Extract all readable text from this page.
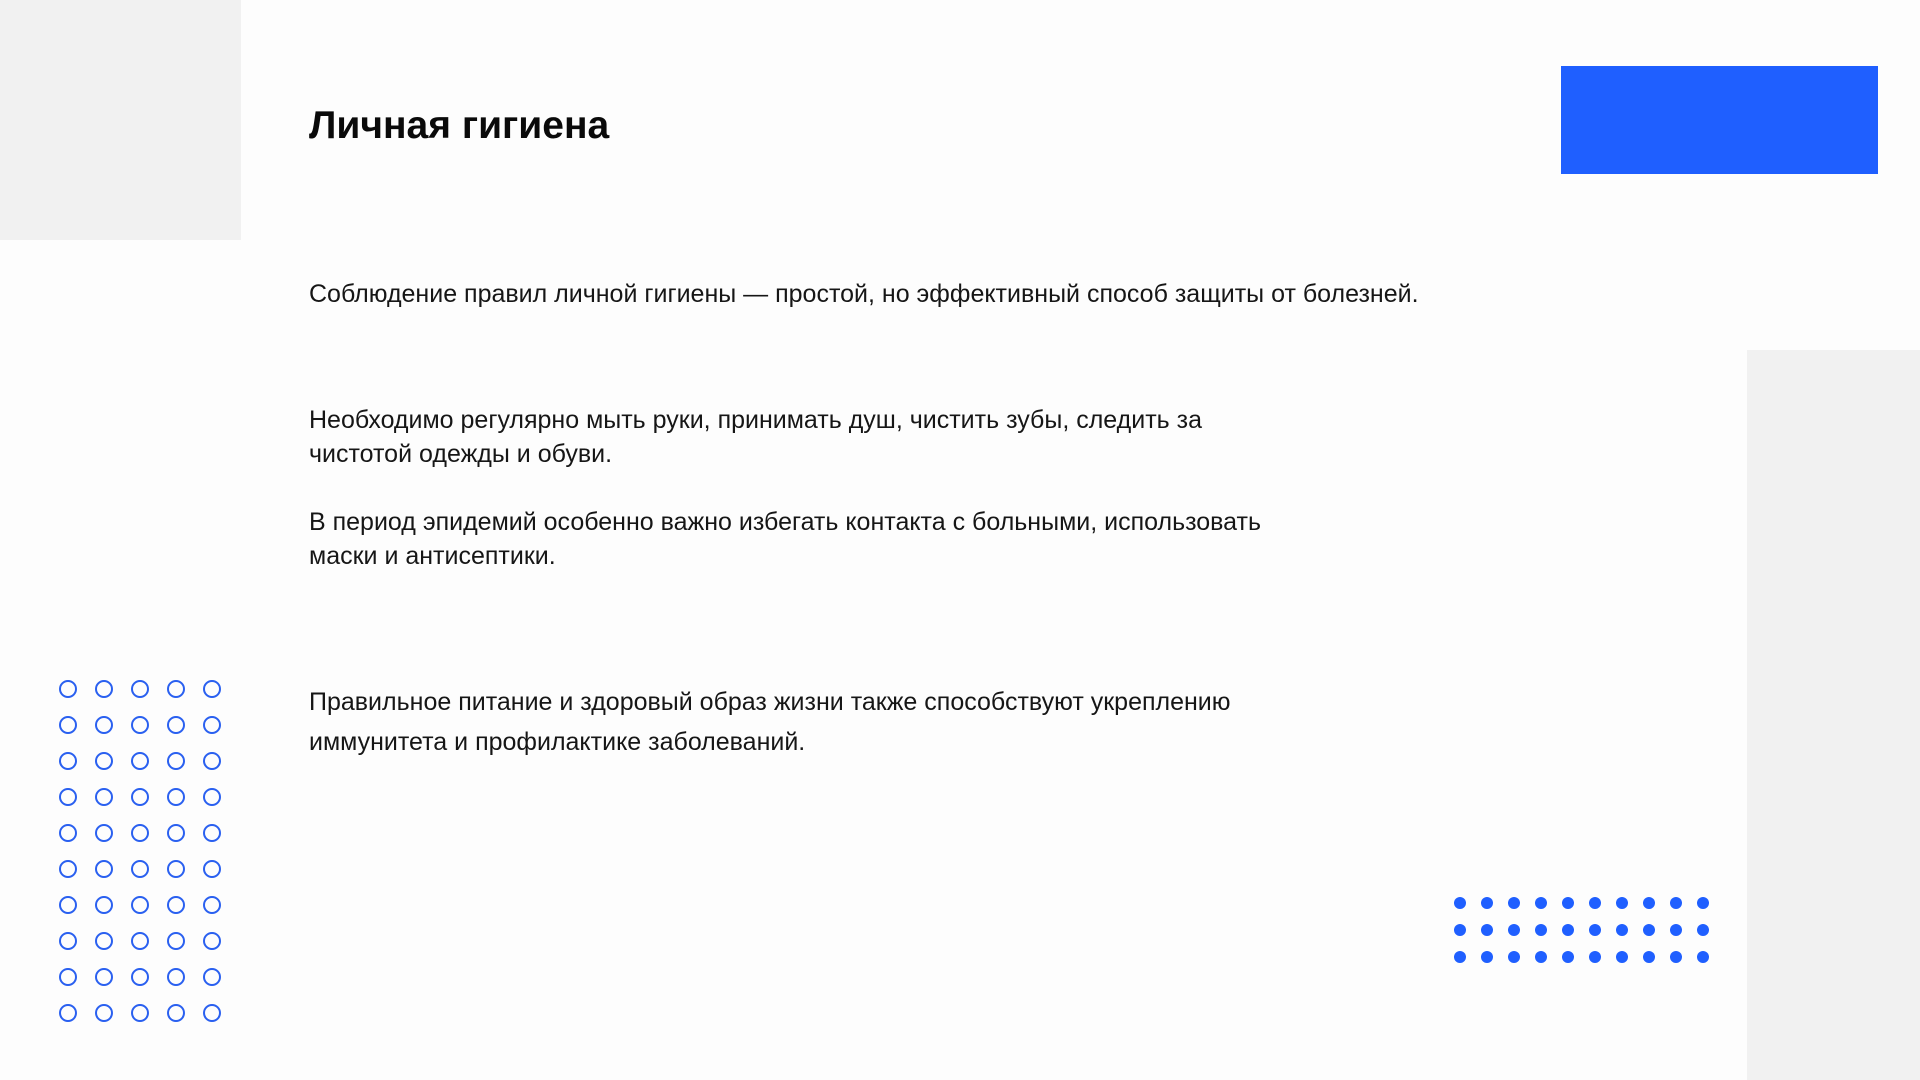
Личная гигиена

Соблюдение правил личной гигиены — простой, но эффективный способ защиты от болезней.

Необходимо регулярно мыть руки, принимать душ, чистить зубы, следить за чистотой одежды и обуви.

В период эпидемий особенно важно избегать контакта с больными, использовать маски и антисептики.

Правильное питание и здоровый образ жизни также способствуют укреплению иммунитета и профилактике заболеваний.
